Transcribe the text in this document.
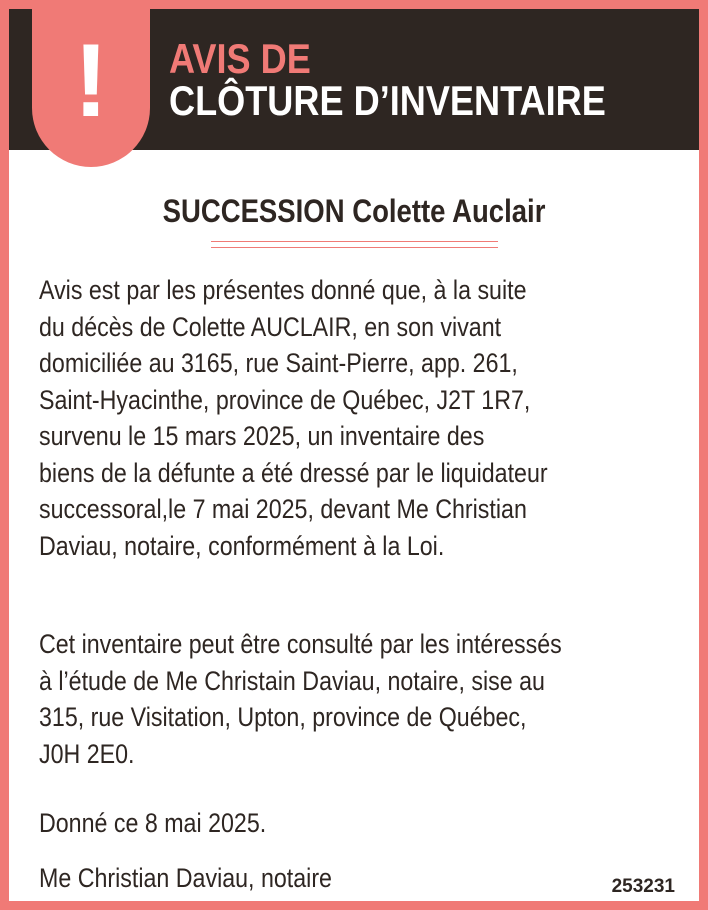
AVIS DE
CLÔTURE D’INVENTAIRE
!
SUCCESSION Colette Auclair
Avis est par les présentes donné que, à la suite
du décès de Colette AUCLAIR, en son vivant
domiciliée au 3165, rue Saint-Pierre, app. 261,
Saint-Hyacinthe, province de Québec, J2T 1R7,
survenu le 15 mars 2025, un inventaire des
biens de la défunte a été dressé par le liquidateur
successoral,le 7 mai 2025, devant Me Christian
Daviau, notaire, conformément à la Loi.
Cet inventaire peut être consulté par les intéressés
à l’étude de Me Christain Daviau, notaire, sise au
315, rue Visitation, Upton, province de Québec,
J0H 2E0.
Donné ce 8 mai 2025.
Me Christian Daviau, notaire	253231
